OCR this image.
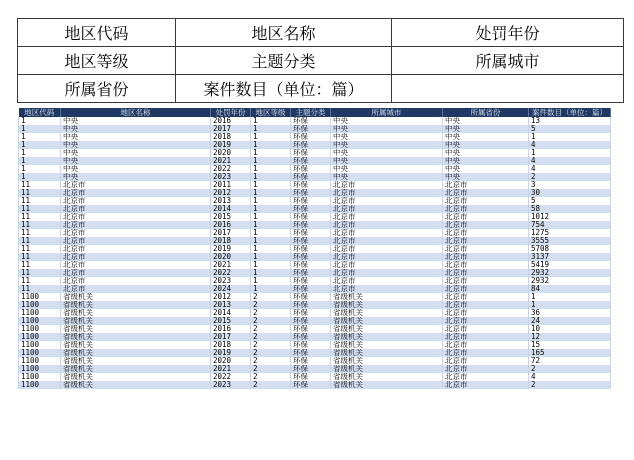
地区代码	地区名称	处罚年份
地区等级	主题分类	所属城市
所属省份	案件数目（单位：篇）	
地区代码	地区名称	处罚年份	地区等级	主题分类	所属城市	所属省份	案件数目（单位：篇）
1	中央	2016	1	环保	中央	中央	13
1	中央	2017	1	环保	中央	中央	5
1	中央	2018	1	环保	中央	中央	1
1	中央	2019	1	环保	中央	中央	4
1	中央	2020	1	环保	中央	中央	1
1	中央	2021	1	环保	中央	中央	4
1	中央	2022	1	环保	中央	中央	4
1	中央	2023	1	环保	中央	中央	2
11	北京市	2011	1	环保	北京市	北京市	3
11	北京市	2012	1	环保	北京市	北京市	30
11	北京市	2013	1	环保	北京市	北京市	5
11	北京市	2014	1	环保	北京市	北京市	58
11	北京市	2015	1	环保	北京市	北京市	1012
11	北京市	2016	1	环保	北京市	北京市	754
11	北京市	2017	1	环保	北京市	北京市	1275
11	北京市	2018	1	环保	北京市	北京市	3555
11	北京市	2019	1	环保	北京市	北京市	5708
11	北京市	2020	1	环保	北京市	北京市	3137
11	北京市	2021	1	环保	北京市	北京市	5419
11	北京市	2022	1	环保	北京市	北京市	2932
11	北京市	2023	1	环保	北京市	北京市	2932
11	北京市	2024	1	环保	北京市	北京市	84
1100	省级机关	2012	2	环保	省级机关	北京市	1
1100	省级机关	2013	2	环保	省级机关	北京市	1
1100	省级机关	2014	2	环保	省级机关	北京市	36
1100	省级机关	2015	2	环保	省级机关	北京市	24
1100	省级机关	2016	2	环保	省级机关	北京市	10
1100	省级机关	2017	2	环保	省级机关	北京市	12
1100	省级机关	2018	2	环保	省级机关	北京市	15
1100	省级机关	2019	2	环保	省级机关	北京市	165
1100	省级机关	2020	2	环保	省级机关	北京市	72
1100	省级机关	2021	2	环保	省级机关	北京市	2
1100	省级机关	2022	2	环保	省级机关	北京市	4
1100	省级机关	2023	2	环保	省级机关	北京市	2
